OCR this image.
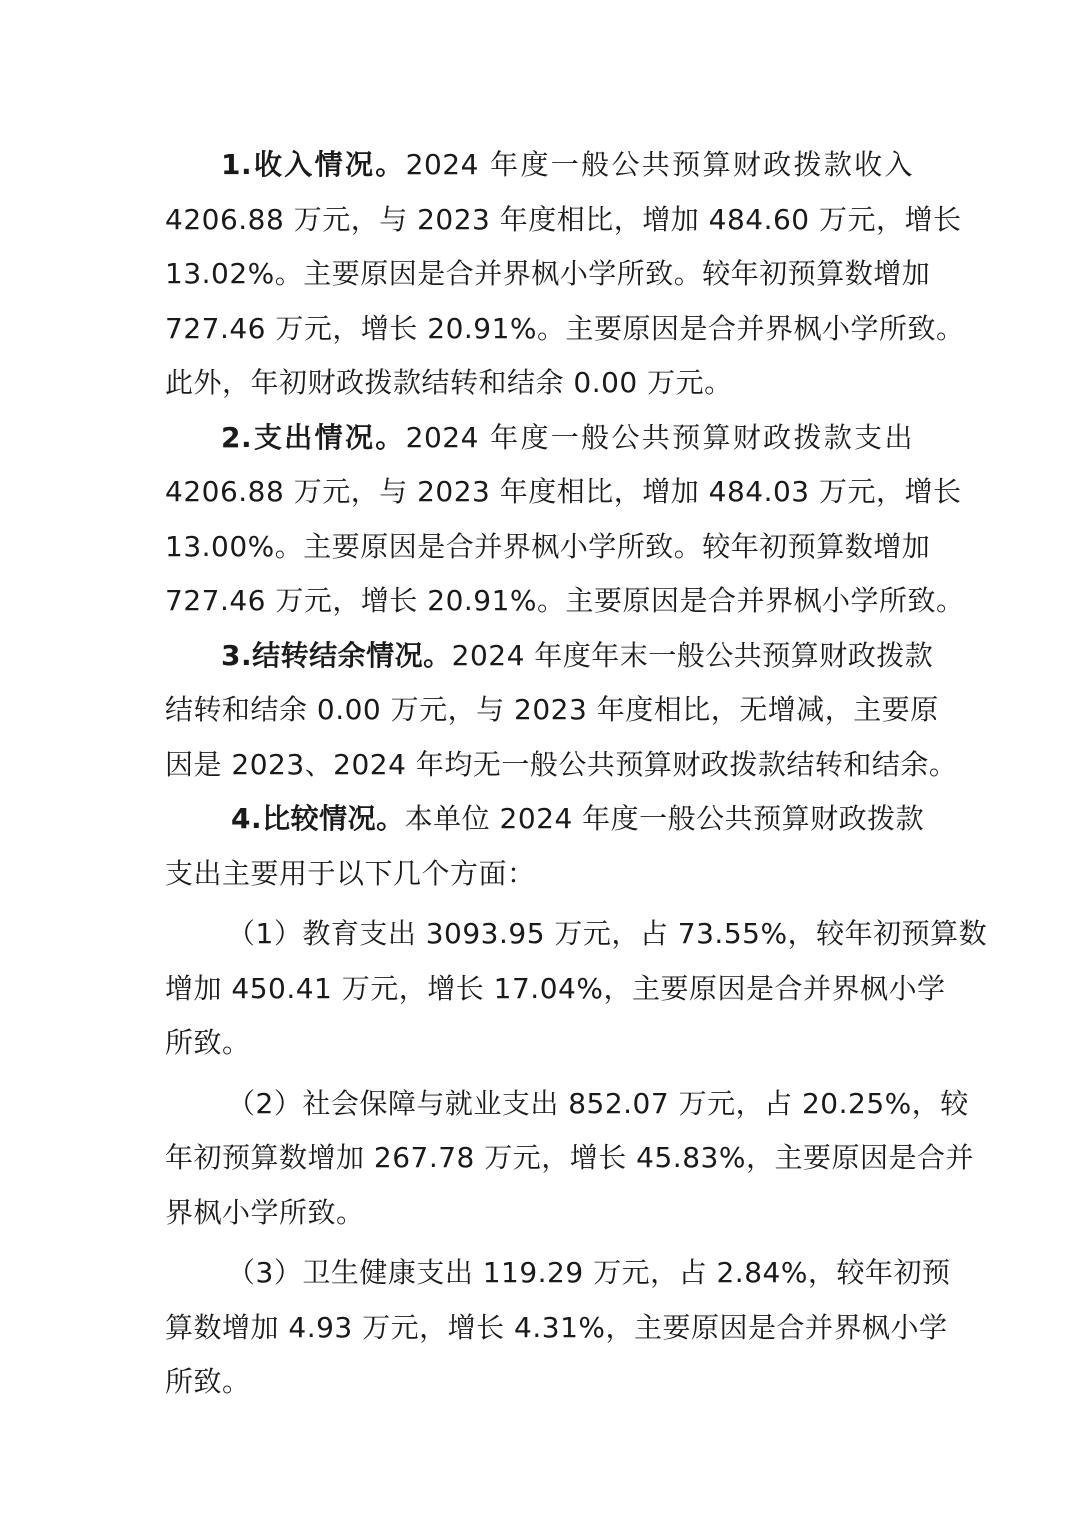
1.收入情况。2024 年度一般公共预算财政拨款收入
4206.88 万元，与 2023 年度相比，增加 484.60 万元，增长
13.02%。主要原因是合并界枫小学所致。较年初预算数增加
727.46 万元，增长 20.91%。主要原因是合并界枫小学所致。
此外，年初财政拨款结转和结余 0.00 万元。
2.支出情况。2024 年度一般公共预算财政拨款支出
4206.88 万元，与 2023 年度相比，增加 484.03 万元，增长
13.00%。主要原因是合并界枫小学所致。较年初预算数增加
727.46 万元，增长 20.91%。主要原因是合并界枫小学所致。
3.结转结余情况。2024 年度年末一般公共预算财政拨款
结转和结余 0.00 万元，与 2023 年度相比，无增减，主要原
因是 2023、2024 年均无一般公共预算财政拨款结转和结余。
4.比较情况。本单位 2024 年度一般公共预算财政拨款
支出主要用于以下几个方面：
（1）教育支出 3093.95 万元，占 73.55%，较年初预算数
增加 450.41 万元，增长 17.04%，主要原因是合并界枫小学
所致。
（2）社会保障与就业支出 852.07 万元，占 20.25%，较
年初预算数增加 267.78 万元，增长 45.83%，主要原因是合并
界枫小学所致。
（3）卫生健康支出 119.29 万元，占 2.84%，较年初预
算数增加 4.93 万元，增长 4.31%，主要原因是合并界枫小学
所致。
